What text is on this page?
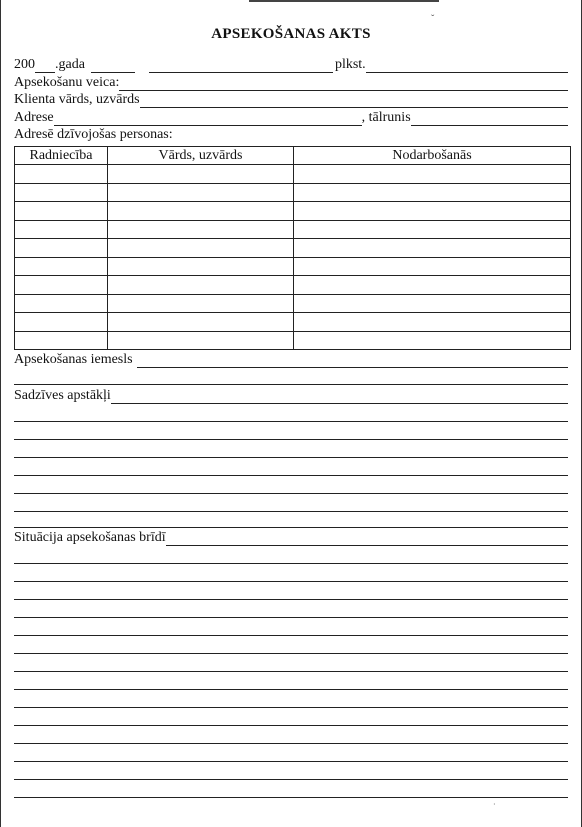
ˇ
·
APSEKOŠANAS AKTS
200 .gada	plkst.
Apsekošanu veica:
Klienta vārds, uzvārds
Adrese	, tālrunis
Adresē dzīvojošas personas:
Radniecība	Vārds, uzvārds	Nodarbošanās

Apsekošanas iemesls
Sadzīves apstākļi
Situācija apsekošanas brīdī
